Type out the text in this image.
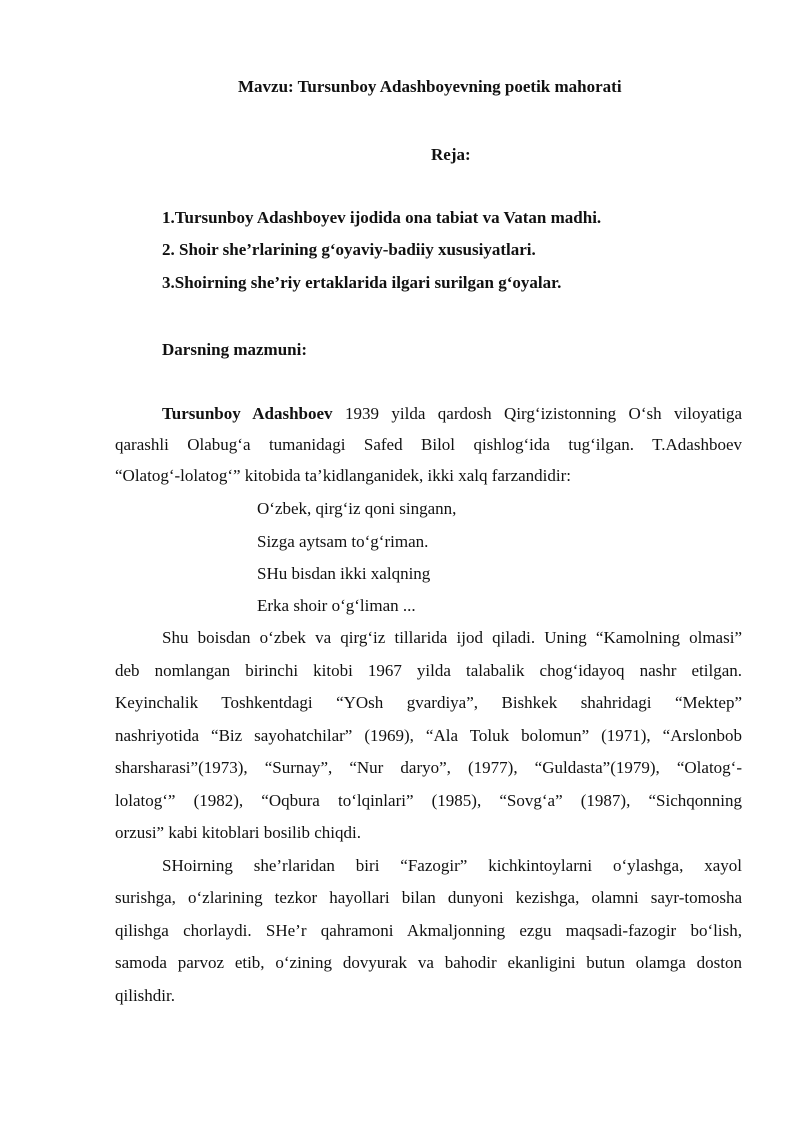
Mavzu: Tursunboy Adashboyevning poetik mahorati
Reja:
1.Tursunboy Adashboyev ijodida ona tabiat va Vatan madhi.
2. Shoir she’rlarining g‘oyaviy-badiiy xususiyatlari.
3.Shoirning she’riy ertaklarida ilgari surilgan g‘oyalar.
Darsning mazmuni:
Tursunboy Adashboev 1939 yilda qardosh Qirg‘izistonning O‘sh viloyatiga
qarashli Olabug‘a tumanidagi Safed Bilol qishlog‘ida tug‘ilgan. T.Adashboev
“Olatog‘-lolatog‘” kitobida ta’kidlanganidek, ikki xalq farzandidir:
O‘zbek, qirg‘iz qoni singann,
Sizga aytsam to‘g‘riman.
SHu bisdan ikki xalqning
Erka shoir o‘g‘liman ...
Shu boisdan o‘zbek va qirg‘iz tillarida ijod qiladi. Uning “Kamolning olmasi”
deb nomlangan birinchi kitobi 1967 yilda talabalik chog‘idayoq nashr etilgan.
Keyinchalik Toshkentdagi “YOsh gvardiya”, Bishkek shahridagi “Mektep”
nashriyotida “Biz sayohatchilar” (1969), “Ala Toluk bolomun” (1971), “Arslonbob
sharsharasi”(1973), “Surnay”, “Nur daryo”, (1977), “Guldasta”(1979), “Olatog‘-
lolatog‘” (1982), “Oqbura to‘lqinlari” (1985), “Sovg‘a” (1987), “Sichqonning
orzusi” kabi kitoblari bosilib chiqdi.
SHoirning she’rlaridan biri “Fazogir” kichkintoylarni o‘ylashga, xayol
surishga, o‘zlarining tezkor hayollari bilan dunyoni kezishga, olamni sayr-tomosha
qilishga chorlaydi. SHe’r qahramoni Akmaljonning ezgu maqsadi-fazogir bo‘lish,
samoda parvoz etib, o‘zining dovyurak va bahodir ekanligini butun olamga doston
qilishdir.
